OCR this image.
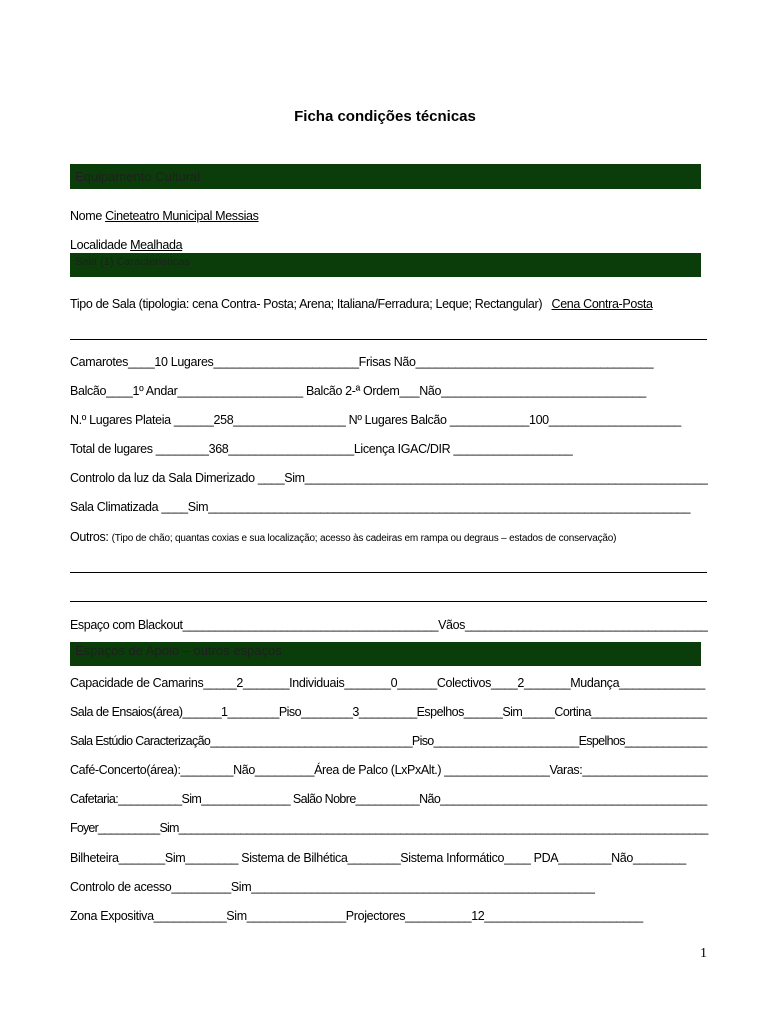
Ficha condições técnicas
Equipamento Cultural
Nome Cineteatro Municipal Messias
Localidade Mealhada
Sala (1) Características
Tipo de Sala (tipologia: cena Contra- Posta; Arena; Italiana/Ferradura; Leque; Rectangular) Cena Contra-Posta
Camarotes____10 Lugares______________________Frisas Não____________________________________
Balcão____1º Andar___________________ Balcão 2-ª Ordem___Não_______________________________
N.º Lugares Plateia ______258_________________ Nº Lugares Balcão ____________100____________________
Total de lugares ________368___________________Licença IGAC/DIR __________________
Controlo da luz da Sala Dimerizado ____Sim_____________________________________________________________
Sala Climatizada ____Sim_________________________________________________________________________
Outros: (Tipo de chão; quantas coxias e sua localização; acesso às cadeiras em rampa ou degraus – estados de conservação)
Espaço com Blackout_______________________________________Vãos_____________________________________
Espaços de Apoio – outros espaços
Capacidade de Camarins_____2_______Individuais_______0______Colectivos____2_______Mudança_____________
Sala de Ensaios(área)______1________Piso________3_________Espelhos______Sim_____Cortina__________________
Sala Estúdio Caracterização________________________________Piso_______________________Espelhos_____________
Café-Concerto(área):________Não_________Área de Palco (LxPxAlt.) ________________Varas:___________________
Cafetaria:__________Sim______________ Salão Nobre__________Não__________________________________________
Foyer__________Sim______________________________________________________________________________________
Bilheteira_______Sim________ Sistema de Bilhética________Sistema Informático____ PDA________Não________
Controlo de acesso_________Sim____________________________________________________
Zona Expositiva___________Sim_______________Projectores__________12________________________
1
